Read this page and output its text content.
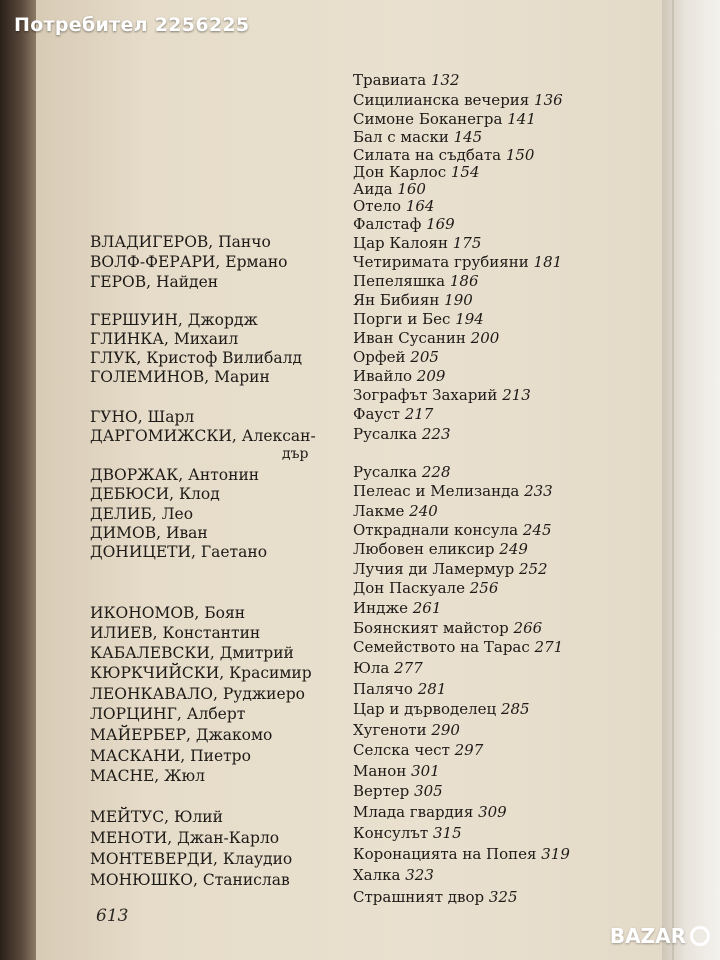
Потребител 2256225
ВЛАДИГЕРОВ, Панчо
ВОЛФ-ФЕРАРИ, Ермано
ГЕРОВ, Найден
ГЕРШУИН, Джордж
ГЛИНКА, Михаил
ГЛУК, Кристоф Вилибалд
ГОЛЕМИНОВ, Марин
ГУНО, Шарл
ДАРГОМИЖСКИ, Алексан-
дър
ДВОРЖАК, Антонин
ДЕБЮСИ, Клод
ДЕЛИБ, Лео
ДИМОВ, Иван
ДОНИЦЕТИ, Гаетано
ИКОНОМОВ, Боян
ИЛИЕВ, Константин
КАБАЛЕВСКИ, Дмитрий
КЮРКЧИЙСКИ, Красимир
ЛЕОНКАВАЛО, Руджиеро
ЛОРЦИНГ, Алберт
МАЙЕРБЕР, Джакомо
МАСКАНИ, Пиетро
МАСНЕ, Жюл
МЕЙТУС, Юлий
МЕНОТИ, Джан-Карло
МОНТЕВЕРДИ, Клаудио
МОНЮШКО, Станислав
Травиата 132
Сицилианска вечерия 136
Симоне Боканегра 141
Бал с маски 145
Силата на съдбата 150
Дон Карлос 154
Аида 160
Отело 164
Фалстаф 169
Цар Калоян 175
Четиримата грубияни 181
Пепеляшка 186
Ян Бибиян 190
Порги и Бес 194
Иван Сусанин 200
Орфей 205
Ивайло 209
Зографът Захарий 213
Фауст 217
Русалка 223
Русалка 228
Пелеас и Мелизанда 233
Лакме 240
Откраднали консула 245
Любовен еликсир 249
Лучия ди Ламермур 252
Дон Паскуале 256
Инджe 261
Боянският майстор 266
Семейството на Тарас 271
Юла 277
Палячо 281
Цар и дърводелец 285
Хугеноти 290
Селска чест 297
Манон 301
Вертер 305
Млада гвардия 309
Консулът 315
Коронацията на Попея 319
Халка 323
Страшният двор 325
613
BAZAR
